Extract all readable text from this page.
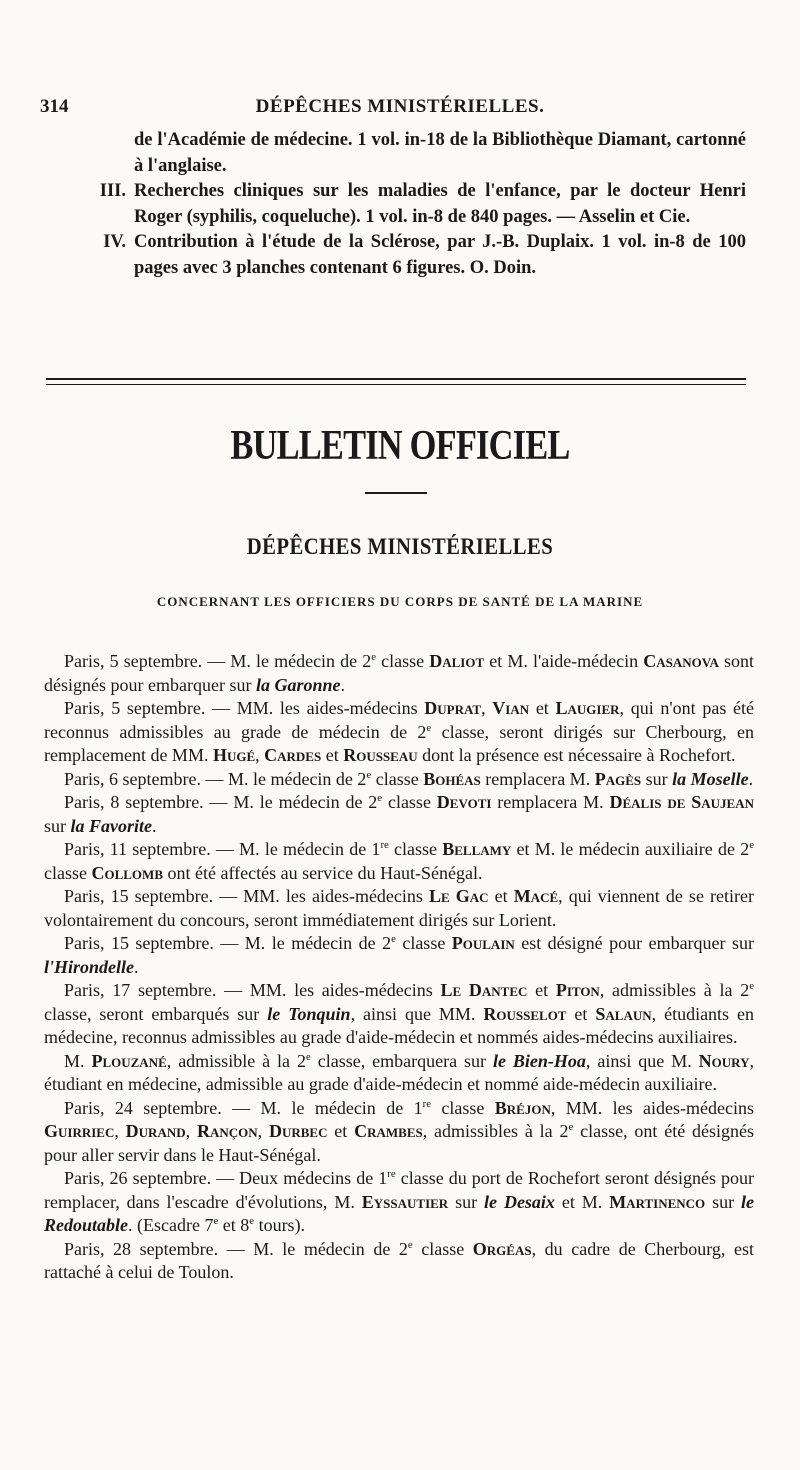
314	DÉPÊCHES MINISTÉRIELLES.

de l'Académie de médecine. 1 vol. in-18 de la Bibliothèque Diamant, cartonné à l'anglaise.

III. Recherches cliniques sur les maladies de l'enfance, par le docteur Henri Roger (syphilis, coqueluche). 1 vol. in-8 de 840 pages. — Asselin et Cie.
IV. Contribution à l'étude de la Sclérose, par J.-B. Duplaix. 1 vol. in-8 de 100 pages avec 3 planches contenant 6 figures. O. Doin.
BULLETIN OFFICIEL
DÉPÊCHES MINISTÉRIELLES
CONCERNANT LES OFFICIERS DU CORPS DE SANTÉ DE LA MARINE

Paris, 5 septembre. — M. le médecin de 2e classe Daliot et M. l'aide-médecin Casanova sont désignés pour embarquer sur la Garonne.

Paris, 5 septembre. — MM. les aides-médecins Duprat, Vian et Laugier, qui n'ont pas été reconnus admissibles au grade de médecin de 2e classe, seront dirigés sur Cherbourg, en remplacement de MM. Hugé, Cardes et Rousseau dont la présence est nécessaire à Rochefort.

Paris, 6 septembre. — M. le médecin de 2e classe Bohéas remplacera M. Pagès sur la Moselle.

Paris, 8 septembre. — M. le médecin de 2e classe Devoti remplacera M. Déalis de Saujean sur la Favorite.

Paris, 11 septembre. — M. le médecin de 1re classe Bellamy et M. le médecin auxiliaire de 2e classe Collomb ont été affectés au service du Haut-Sénégal.

Paris, 15 septembre. — MM. les aides-médecins Le Gac et Macé, qui viennent de se retirer volontairement du concours, seront immédiatement dirigés sur Lorient.

Paris, 15 septembre. — M. le médecin de 2e classe Poulain est désigné pour embarquer sur l'Hirondelle.

Paris, 17 septembre. — MM. les aides-médecins Le Dantec et Piton, admissibles à la 2e classe, seront embarqués sur le Tonquin, ainsi que MM. Rousselot et Salaun, étudiants en médecine, reconnus admissibles au grade d'aide-médecin et nommés aides-médecins auxiliaires.

M. Plouzané, admissible à la 2e classe, embarquera sur le Bien-Hoa, ainsi que M. Noury, étudiant en médecine, admissible au grade d'aide-médecin et nommé aide-médecin auxiliaire.

Paris, 24 septembre. — M. le médecin de 1re classe Bréjon, MM. les aides-médecins Guirriec, Durand, Rançon, Durbec et Crambes, admissibles à la 2e classe, ont été désignés pour aller servir dans le Haut-Sénégal.

Paris, 26 septembre. — Deux médecins de 1re classe du port de Rochefort seront désignés pour remplacer, dans l'escadre d'évolutions, M. Eyssautier sur le Desaix et M. Martinenco sur le Redoutable. (Escadre 7e et 8e tours).

Paris, 28 septembre. — M. le médecin de 2e classe Orgéas, du cadre de Cherbourg, est rattaché à celui de Toulon.
